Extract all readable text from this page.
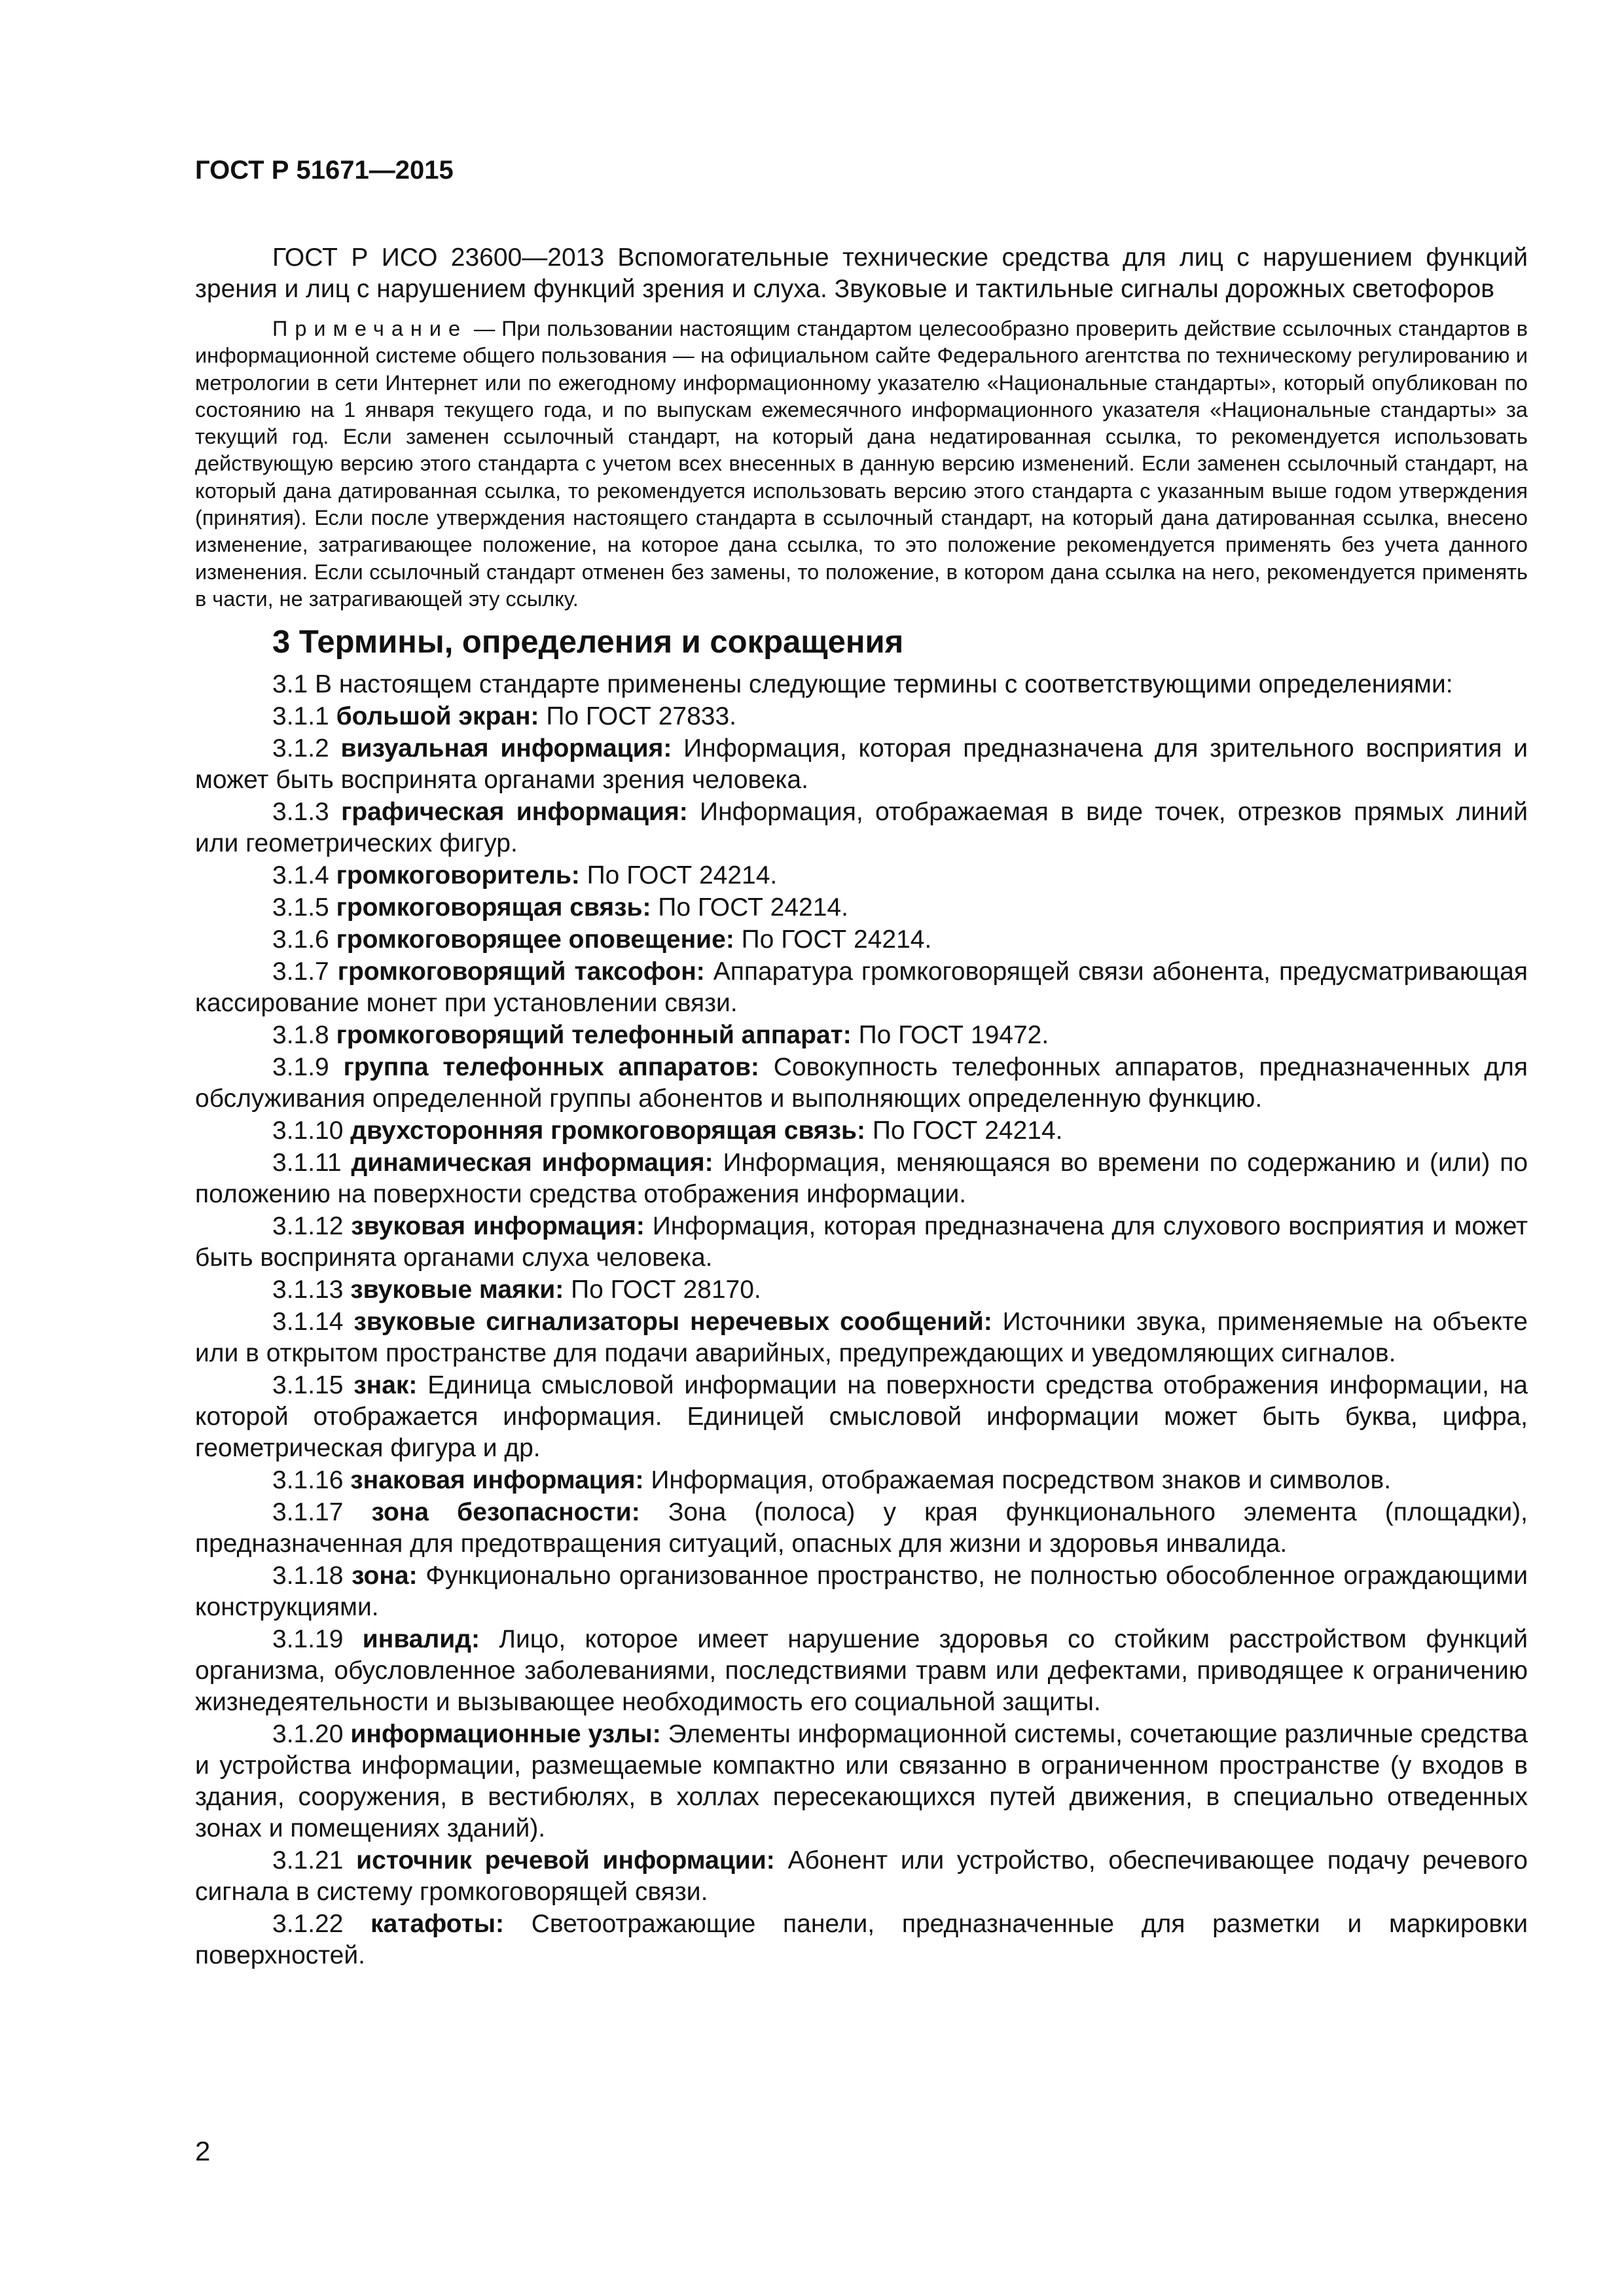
ГОСТ Р 51671—2015

ГОСТ Р ИСО 23600—2013 Вспомогательные технические средства для лиц с нарушением функций зрения и лиц с нарушением функций зрения и слуха. Звуковые и тактильные сигналы дорожных светофоров

Примечание — При пользовании настоящим стандартом целесообразно проверить действие ссылочных стандартов в информационной системе общего пользования — на официальном сайте Федерального агентства по техническому регулированию и метрологии в сети Интернет или по ежегодному информационному указателю «Национальные стандарты», который опубликован по состоянию на 1 января текущего года, и по выпускам ежемесячного информационного указателя «Национальные стандарты» за текущий год. Если заменен ссылочный стандарт, на который дана недатированная ссылка, то рекомендуется использовать действующую версию этого стандарта с учетом всех внесенных в данную версию изменений. Если заменен ссылочный стандарт, на который дана датированная ссылка, то рекомендуется использовать версию этого стандарта с указанным выше годом утверждения (принятия). Если после утверждения настоящего стандарта в ссылочный стандарт, на который дана датированная ссылка, внесено изменение, затрагивающее положение, на которое дана ссылка, то это положение рекомендуется применять без учета данного изменения. Если ссылочный стандарт отменен без замены, то положение, в котором дана ссылка на него, рекомендуется применять в части, не затрагивающей эту ссылку.

3 Термины, определения и сокращения

3.1 В настоящем стандарте применены следующие термины с соответствующими определениями:

3.1.1 большой экран: По ГОСТ 27833.

3.1.2 визуальная информация: Информация, которая предназначена для зрительного восприятия и может быть воспринята органами зрения человека.

3.1.3 графическая информация: Информация, отображаемая в виде точек, отрезков прямых линий или геометрических фигур.

3.1.4 громкоговоритель: По ГОСТ 24214.

3.1.5 громкоговорящая связь: По ГОСТ 24214.

3.1.6 громкоговорящее оповещение: По ГОСТ 24214.

3.1.7 громкоговорящий таксофон: Аппаратура громкоговорящей связи абонента, предусматривающая кассирование монет при установлении связи.

3.1.8 громкоговорящий телефонный аппарат: По ГОСТ 19472.

3.1.9 группа телефонных аппаратов: Совокупность телефонных аппаратов, предназначенных для обслуживания определенной группы абонентов и выполняющих определенную функцию.

3.1.10 двухсторонняя громкоговорящая связь: По ГОСТ 24214.

3.1.11 динамическая информация: Информация, меняющаяся во времени по содержанию и (или) по положению на поверхности средства отображения информации.

3.1.12 звуковая информация: Информация, которая предназначена для слухового восприятия и может быть воспринята органами слуха человека.

3.1.13 звуковые маяки: По ГОСТ 28170.

3.1.14 звуковые сигнализаторы неречевых сообщений: Источники звука, применяемые на объекте или в открытом пространстве для подачи аварийных, предупреждающих и уведомляющих сигналов.

3.1.15 знак: Единица смысловой информации на поверхности средства отображения информации, на которой отображается информация. Единицей смысловой информации может быть буква, цифра, геометрическая фигура и др.

3.1.16 знаковая информация: Информация, отображаемая посредством знаков и символов.

3.1.17 зона безопасности: Зона (полоса) у края функционального элемента (площадки), предназначенная для предотвращения ситуаций, опасных для жизни и здоровья инвалида.

3.1.18 зона: Функционально организованное пространство, не полностью обособленное ограждающими конструкциями.

3.1.19 инвалид: Лицо, которое имеет нарушение здоровья со стойким расстройством функций организма, обусловленное заболеваниями, последствиями травм или дефектами, приводящее к ограничению жизнедеятельности и вызывающее необходимость его социальной защиты.

3.1.20 информационные узлы: Элементы информационной системы, сочетающие различные средства и устройства информации, размещаемые компактно или связанно в ограниченном пространстве (у входов в здания, сооружения, в вестибюлях, в холлах пересекающихся путей движения, в специально отведенных зонах и помещениях зданий).

3.1.21 источник речевой информации: Абонент или устройство, обеспечивающее подачу речевого сигнала в систему громкоговорящей связи.

3.1.22 катафоты: Светоотражающие панели, предназначенные для разметки и маркировки поверхностей.

2
